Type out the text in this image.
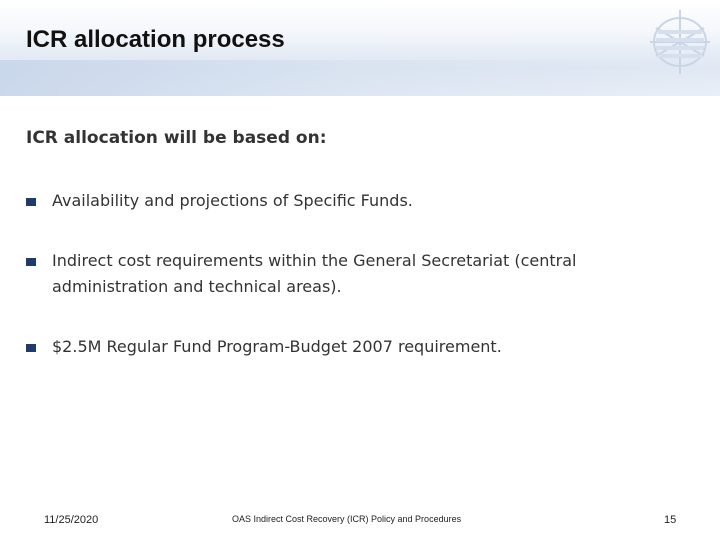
ICR allocation process
ICR allocation will be based on:
Availability and projections of Specific Funds.
Indirect cost requirements within the General Secretariat (central administration and technical areas).
$2.5M Regular Fund Program-Budget 2007 requirement.
11/25/2020	OAS Indirect Cost Recovery (ICR) Policy and Procedures	15
